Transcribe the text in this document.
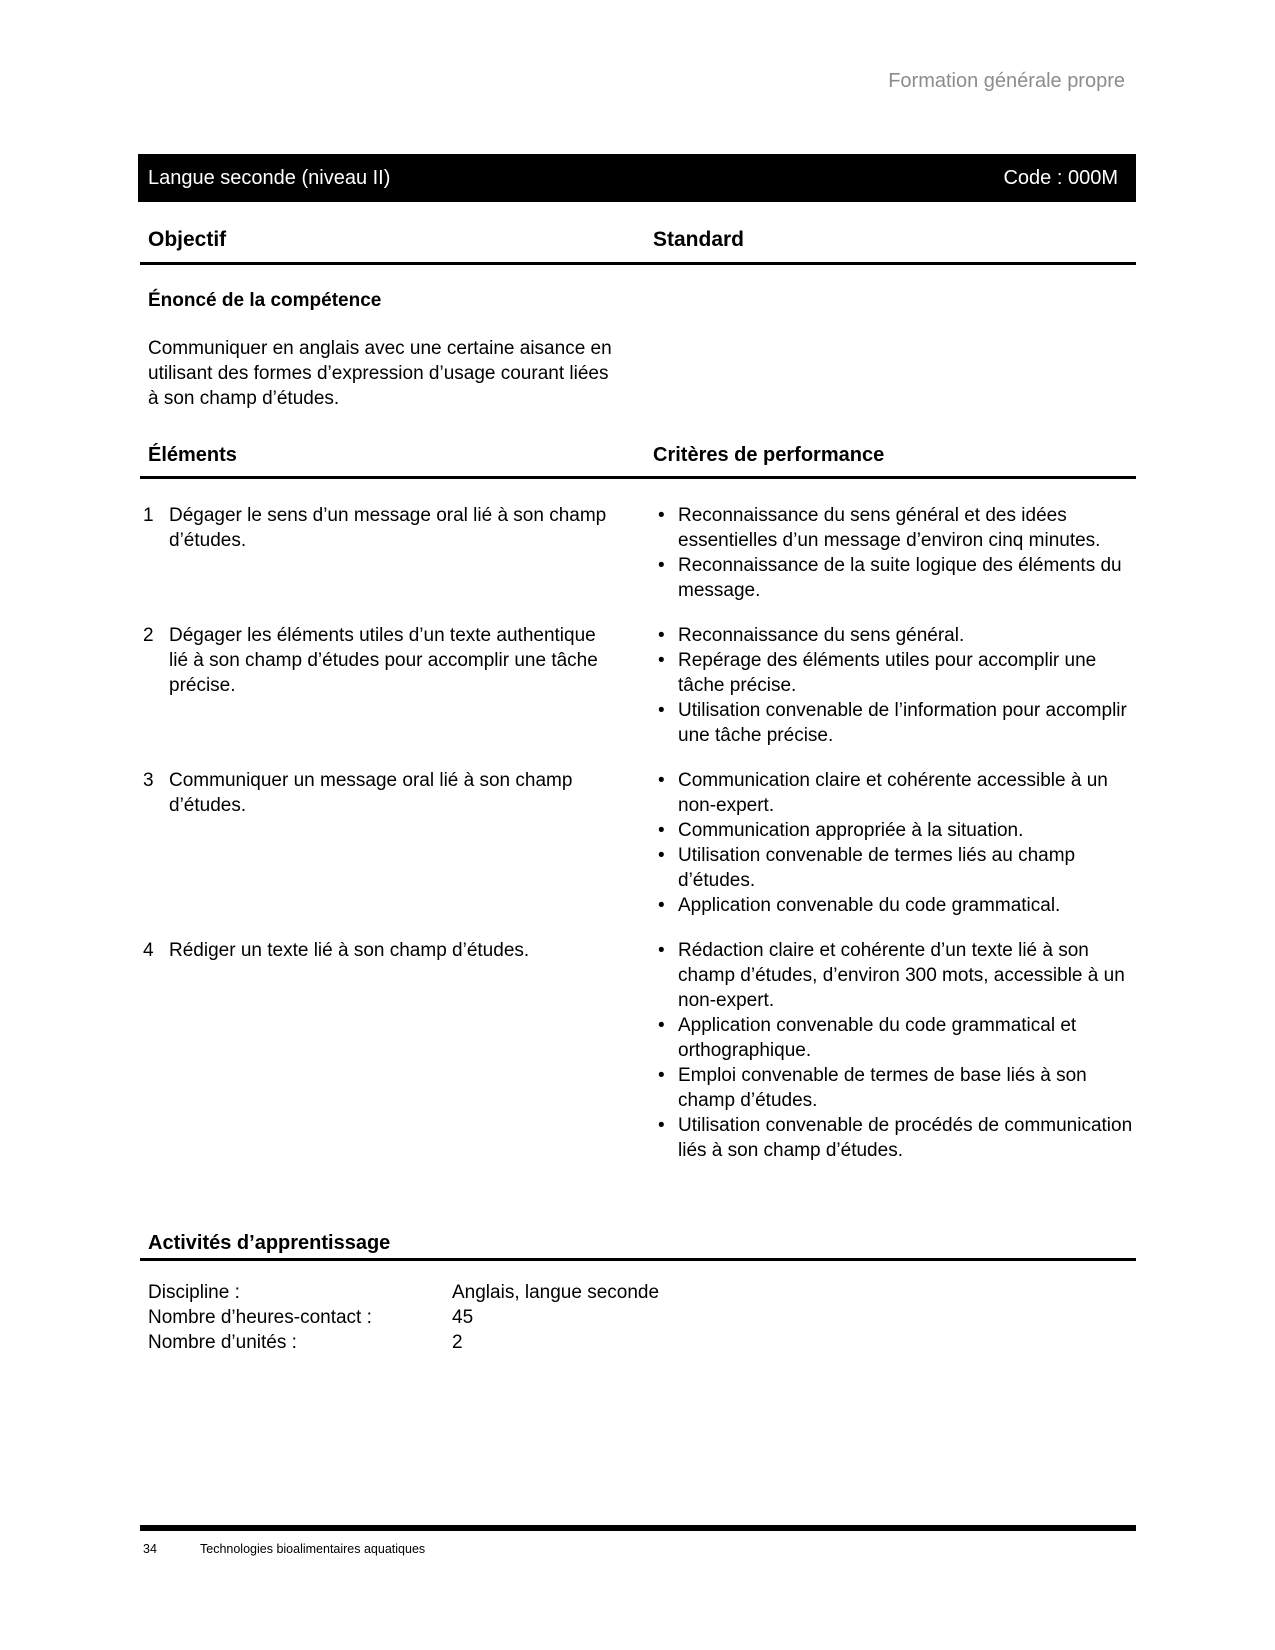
Formation générale propre
Langue seconde (niveau II)	Code : 000M
Objectif	Standard
Énoncé de la compétence
Communiquer en anglais avec une certaine aisance en utilisant des formes d’expression d’usage courant liées à son champ d’études.
Éléments	Critères de performance
1 Dégager le sens d’un message oral lié à son champ d’études.
• Reconnaissance du sens général et des idées essentielles d’un message d’environ cinq minutes.
• Reconnaissance de la suite logique des éléments du message.
2 Dégager les éléments utiles d’un texte authentique lié à son champ d’études pour accomplir une tâche précise.
• Reconnaissance du sens général.
• Repérage des éléments utiles pour accomplir une tâche précise.
• Utilisation convenable de l’information pour accomplir une tâche précise.
3 Communiquer un message oral lié à son champ d’études.
• Communication claire et cohérente accessible à un non-expert.
• Communication appropriée à la situation.
• Utilisation convenable de termes liés au champ d’études.
• Application convenable du code grammatical.
4 Rédiger un texte lié à son champ d’études.	• Rédaction claire et cohérente d’un texte lié à son champ d’études, d’environ 300 mots, accessible à un non-expert.
• Application convenable du code grammatical et orthographique.
• Emploi convenable de termes de base liés à son champ d’études.
• Utilisation convenable de procédés de communication liés à son champ d’études.
Activités d’apprentissage
Discipline :	Anglais, langue seconde
Nombre d’heures-contact :	45
Nombre d’unités :	2
34	Technologies bioalimentaires aquatiques
